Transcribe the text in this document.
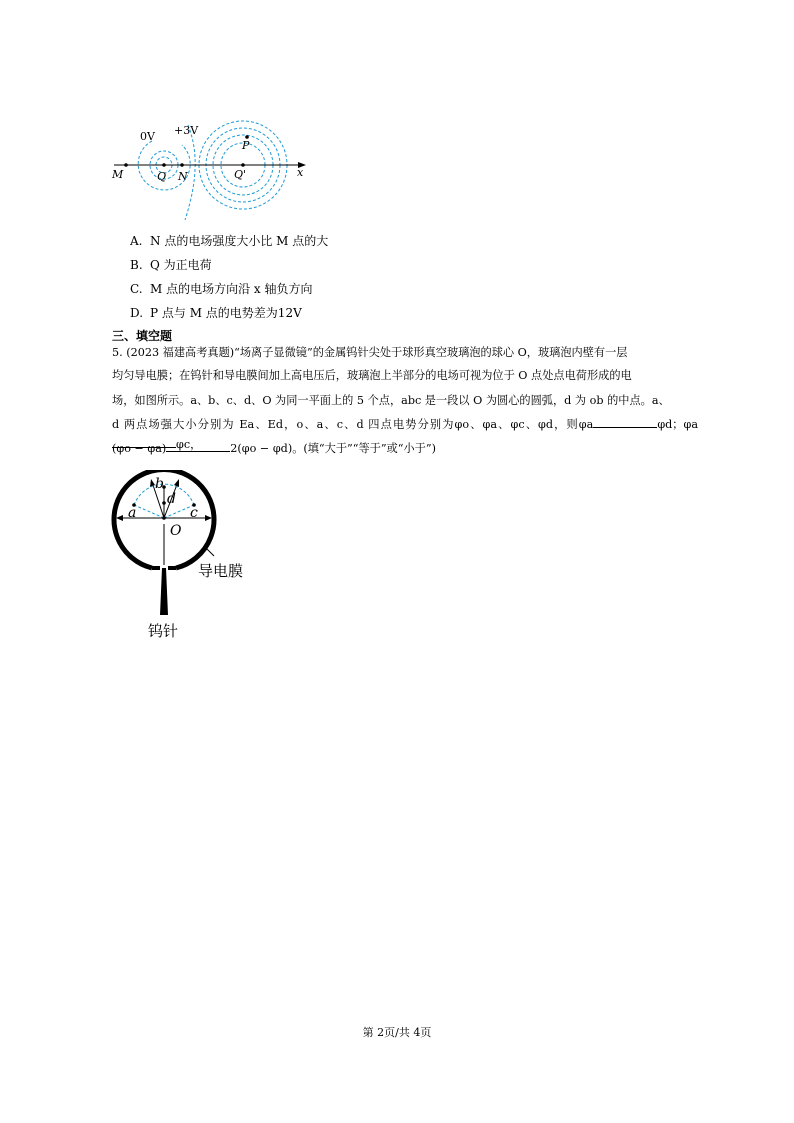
0V +3V
P
M	Q N	Q'	x
A. N 点的电场强度大小比 M 点的大
B. Q 为正电荷
C. M 点的电场方向沿 x 轴负方向
D. P 点与 M 点的电势差为12V
三、填空题
5. (2023 福建高考真题)“场离子显微镜”的金属钨针尖处于球形真空玻璃泡的球心 O，玻璃泡内壁有一层
均匀导电膜；在钨针和导电膜间加上高电压后，玻璃泡上半部分的电场可视为位于 O 点处点电荷形成的电
场，如图所示。a、b、c、d、O 为同一平面上的 5 个点，abc 是一段以 O 为圆心的圆弧，d 为 ob 的中点。a、
d 两点场强大小分别为 Ea、Ed，o、a、c、d 四点电势分别为φo、φa、φc、φd，则φa	φd；φaφc，
(φo − φa)	2(φo − φd)。(填“大于”“等于”或“小于”)
a
b
c
d
O
导电膜
钨针
第 2页/共 4页
